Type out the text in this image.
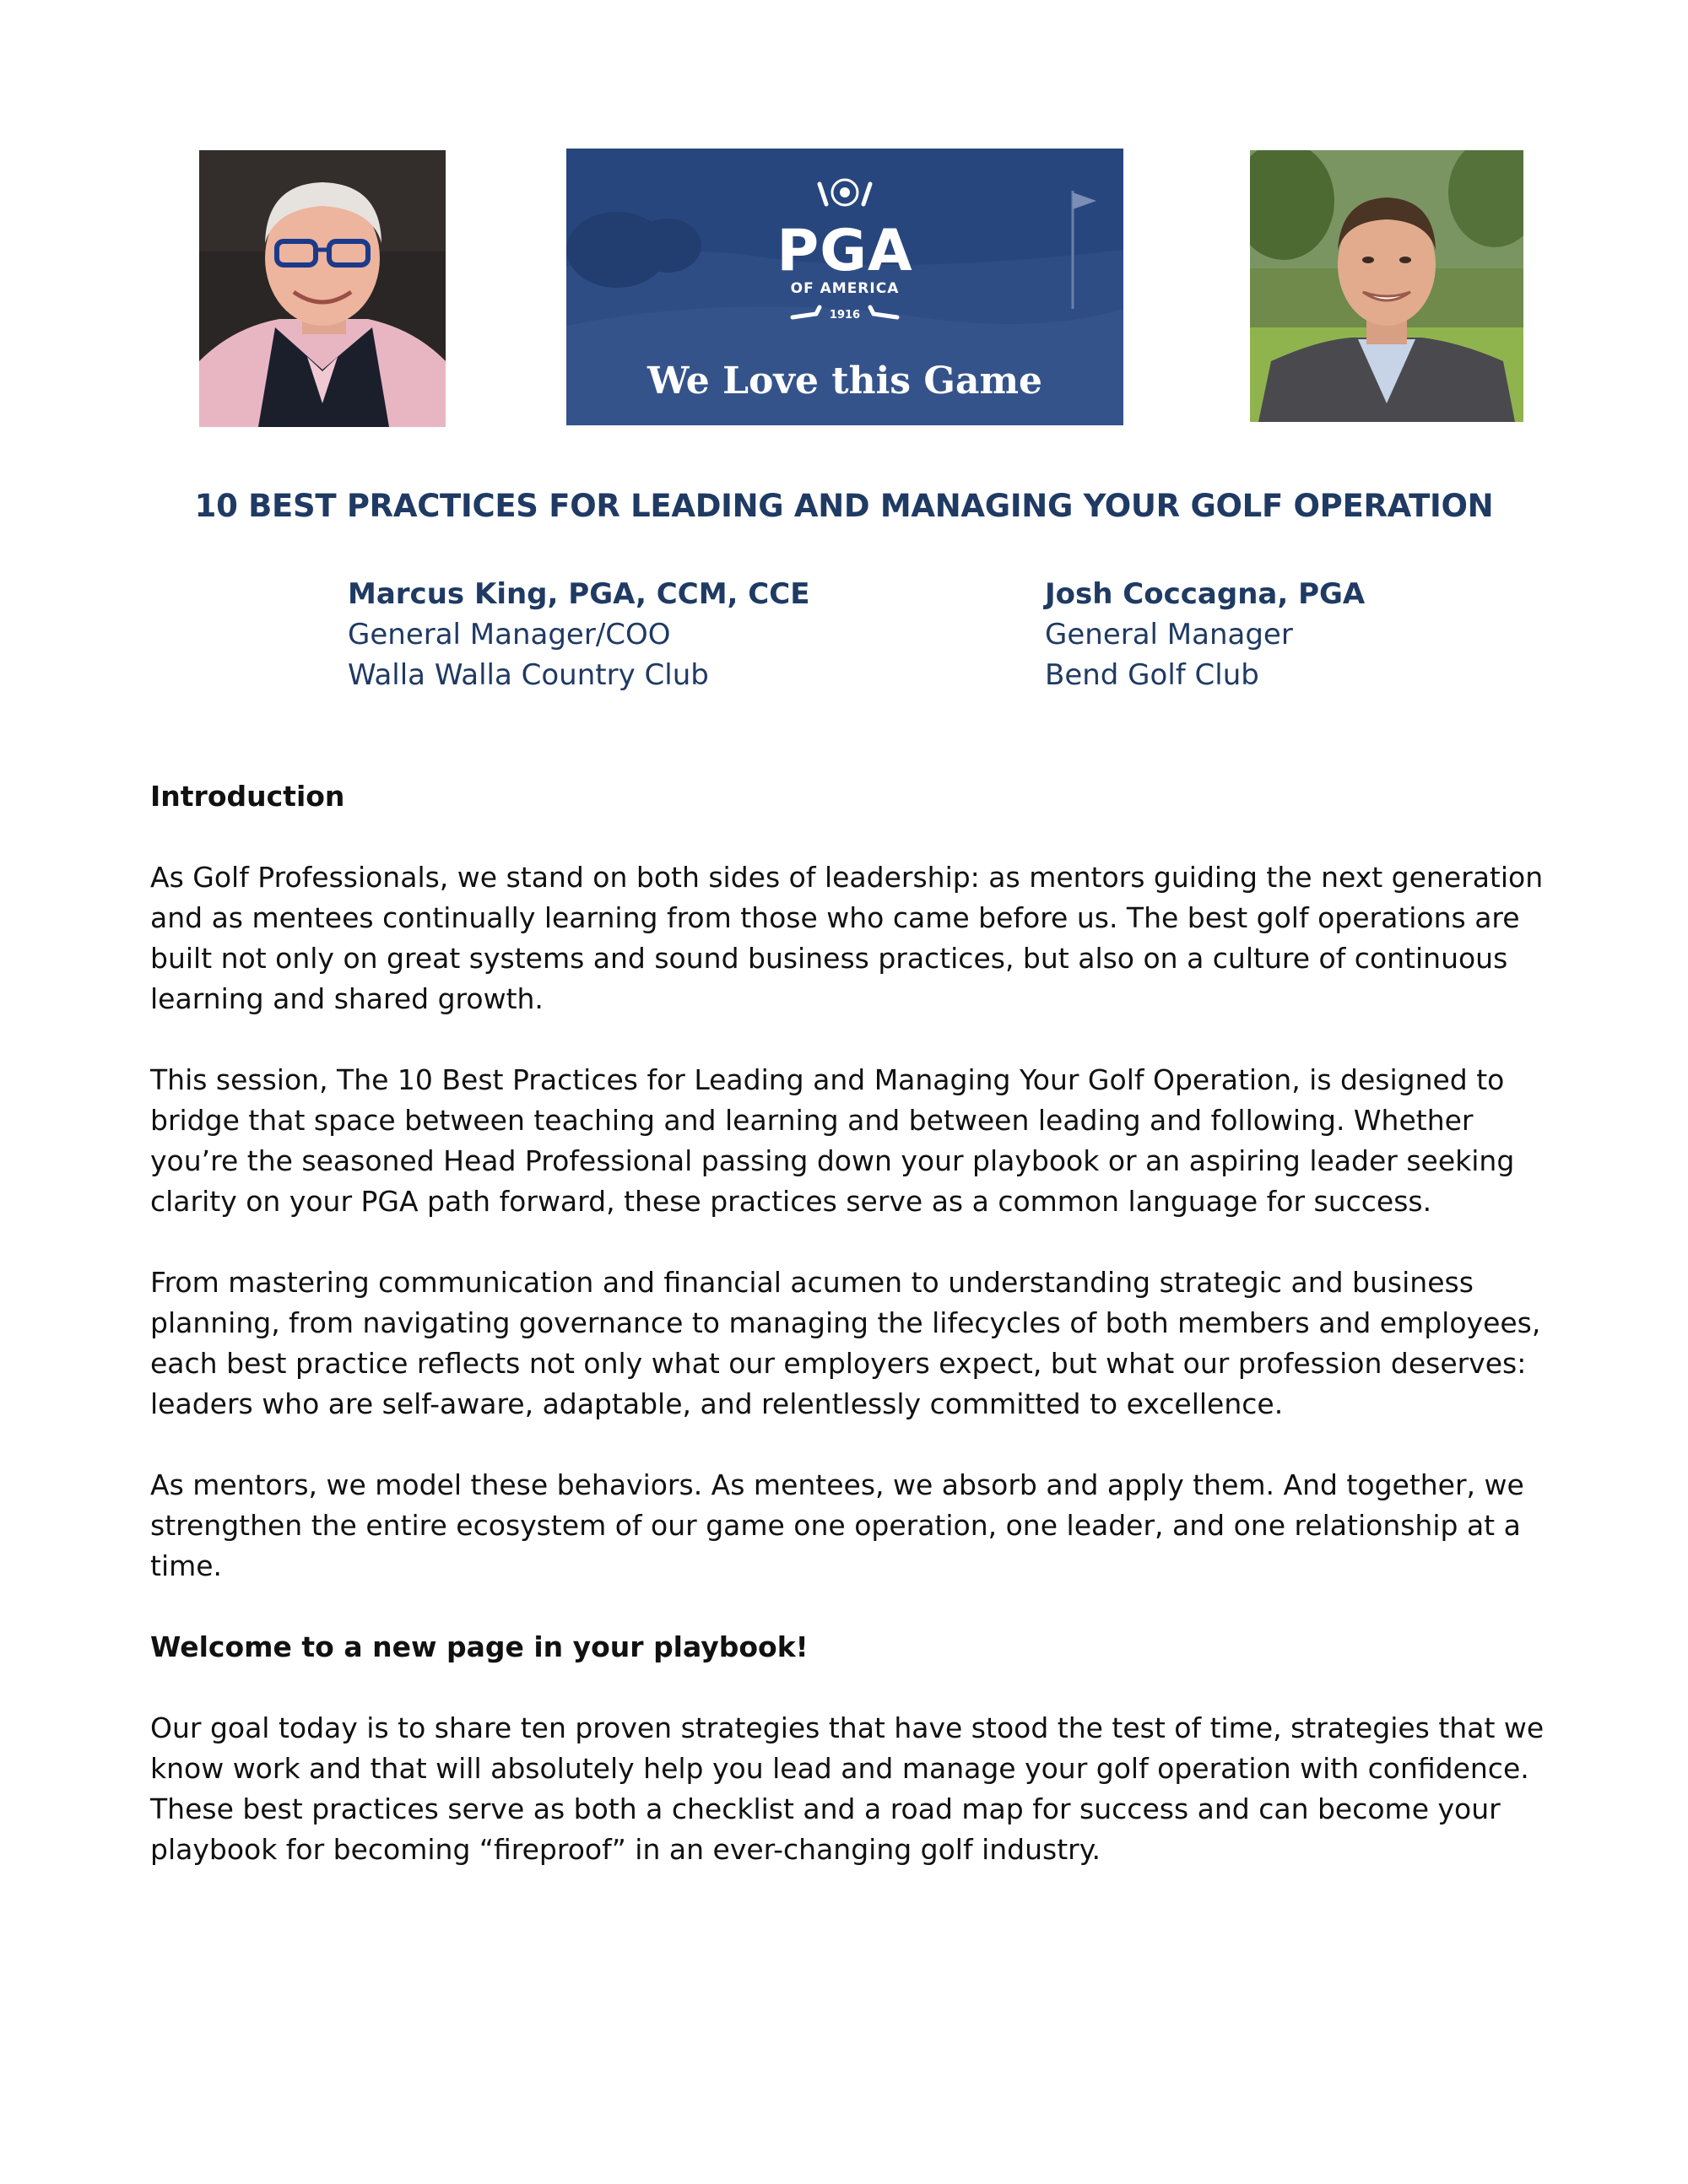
PGA
OF AMERICA
1916
We Love this Game
10 BEST PRACTICES FOR LEADING AND MANAGING YOUR GOLF OPERATION
Marcus King, PGA, CCM, CCE
General Manager/COO
Walla Walla Country Club
Josh Coccagna, PGA
General Manager
Bend Golf Club

Introduction

As Golf Professionals, we stand on both sides of leadership: as mentors guiding the next generation and as mentees continually learning from those who came before us. The best golf operations are built not only on great systems and sound business practices, but also on a culture of continuous learning and shared growth.

This session, The 10 Best Practices for Leading and Managing Your Golf Operation, is designed to bridge that space between teaching and learning and between leading and following. Whether you’re the seasoned Head Professional passing down your playbook or an aspiring leader seeking clarity on your PGA path forward, these practices serve as a common language for success.

From mastering communication and financial acumen to understanding strategic and business planning, from navigating governance to managing the lifecycles of both members and employees, each best practice reflects not only what our employers expect, but what our profession deserves: leaders who are self-aware, adaptable, and relentlessly committed to excellence.

As mentors, we model these behaviors. As mentees, we absorb and apply them. And together, we strengthen the entire ecosystem of our game one operation, one leader, and one relationship at a time.

Welcome to a new page in your playbook!

Our goal today is to share ten proven strategies that have stood the test of time, strategies that we know work and that will absolutely help you lead and manage your golf operation with confidence. These best practices serve as both a checklist and a road map for success and can become your playbook for becoming “fireproof” in an ever-changing golf industry.
